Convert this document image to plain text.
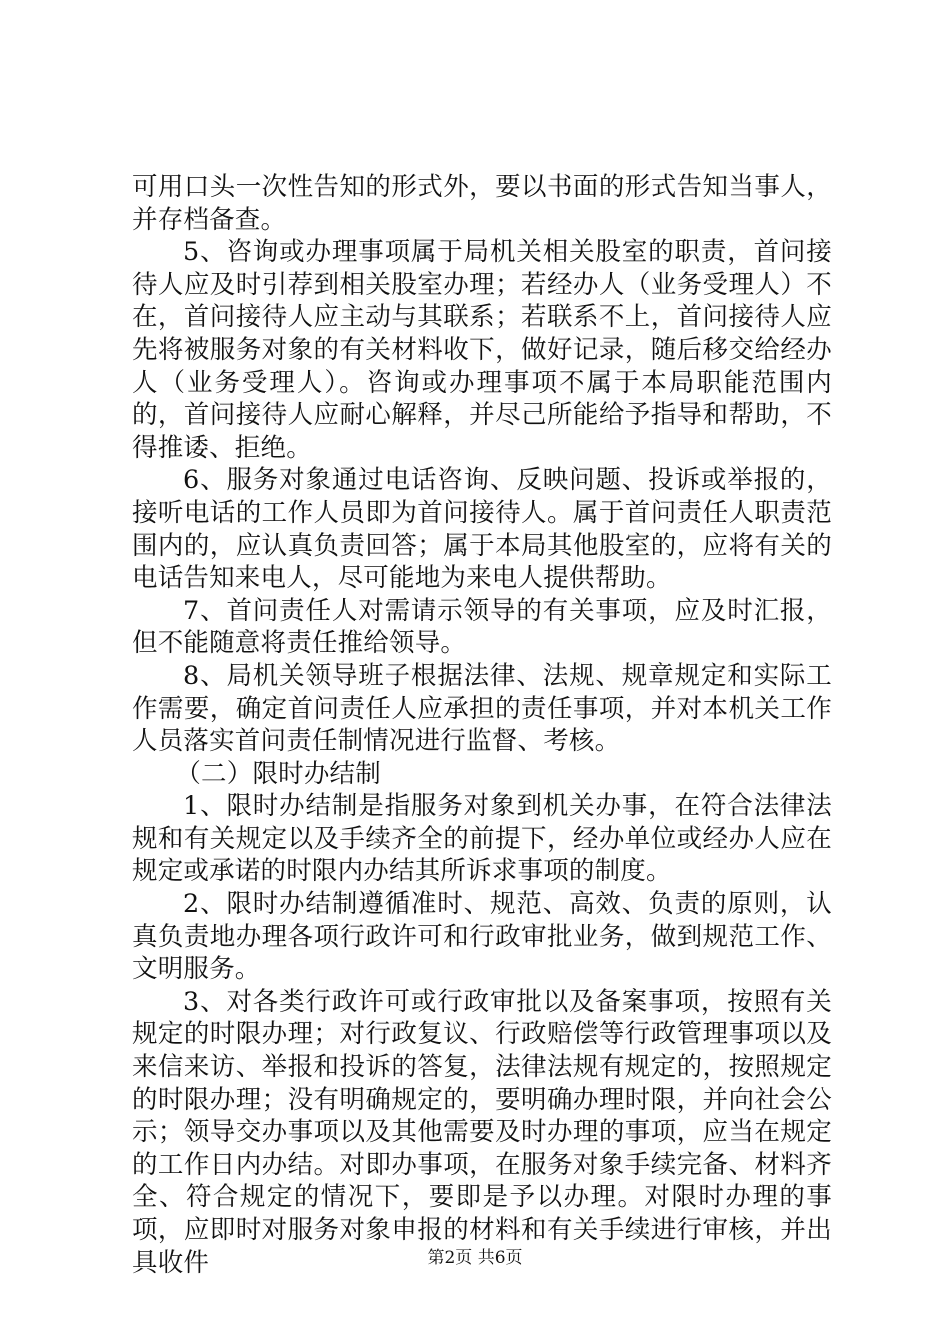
可用口头一次性告知的形式外，要以书面的形式告知当事人，并存档备查。

5、咨询或办理事项属于局机关相关股室的职责，首问接待人应及时引荐到相关股室办理；若经办人（业务受理人）不在，首问接待人应主动与其联系；若联系不上，首问接待人应先将被服务对象的有关材料收下，做好记录，随后移交给经办人（业务受理人）。咨询或办理事项不属于本局职能范围内的，首问接待人应耐心解释，并尽己所能给予指导和帮助，不得推诿、拒绝。

6、服务对象通过电话咨询、反映问题、投诉或举报的，接听电话的工作人员即为首问接待人。属于首问责任人职责范围内的，应认真负责回答；属于本局其他股室的，应将有关的电话告知来电人，尽可能地为来电人提供帮助。

7、首问责任人对需请示领导的有关事项，应及时汇报，但不能随意将责任推给领导。

8、局机关领导班子根据法律、法规、规章规定和实际工作需要，确定首问责任人应承担的责任事项，并对本机关工作人员落实首问责任制情况进行监督、考核。

（二）限时办结制

1、限时办结制是指服务对象到机关办事，在符合法律法规和有关规定以及手续齐全的前提下，经办单位或经办人应在规定或承诺的时限内办结其所诉求事项的制度。

2、限时办结制遵循准时、规范、高效、负责的原则，认真负责地办理各项行政许可和行政审批业务，做到规范工作、文明服务。

3、对各类行政许可或行政审批以及备案事项，按照有关规定的时限办理；对行政复议、行政赔偿等行政管理事项以及来信来访、举报和投诉的答复，法律法规有规定的，按照规定的时限办理；没有明确规定的，要明确办理时限，并向社会公示；领导交办事项以及其他需要及时办理的事项，应当在规定的工作日内办结。对即办事项，在服务对象手续完备、材料齐全、符合规定的情况下，要即是予以办理。对限时办理的事项，应即时对服务对象申报的材料和有关手续进行审核，并出具收件	第2页 共6页
